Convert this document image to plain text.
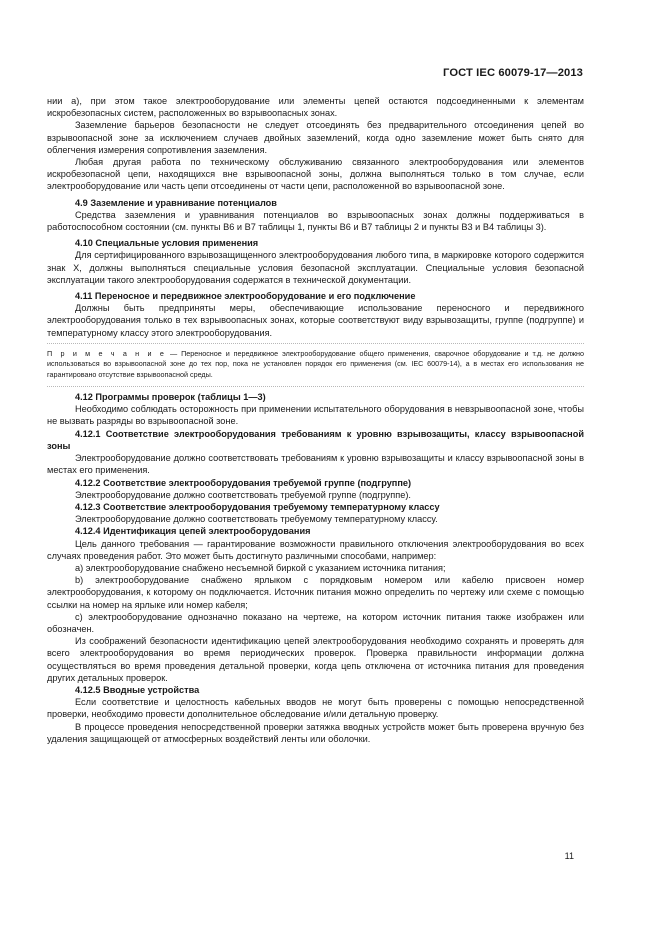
ГОСТ IEC 60079-17—2013

нии а), при этом такое электрооборудование или элементы цепей остаются подсоединенными к элементам искробезопасных систем, расположенных во взрывоопасных зонах.

Заземление барьеров безопасности не следует отсоединять без предварительного отсоединения цепей во взрывоопасной зоне за исключением случаев двойных заземлений, когда одно заземление может быть снято для облегчения измерения сопротивления заземления.

Любая другая работа по техническому обслуживанию связанного электрооборудования или элементов искробезопасной цепи, находящихся вне взрывоопасной зоны, должна выполняться только в том случае, если электрооборудование или часть цепи отсоединены от части цепи, расположенной во взрывоопасной зоне.

4.9 Заземление и уравнивание потенциалов

Средства заземления и уравнивания потенциалов во взрывоопасных зонах должны поддерживаться в работоспособном состоянии (см. пункты В6 и В7 таблицы 1, пункты В6 и В7 таблицы 2 и пункты В3 и В4 таблицы 3).

4.10 Специальные условия применения

Для сертифицированного взрывозащищенного электрооборудования любого типа, в маркировке которого содержится знак X, должны выполняться специальные условия безопасной эксплуатации. Специальные условия безопасной эксплуатации такого электрооборудования содержатся в технической документации.

4.11 Переносное и передвижное электрооборудование и его подключение

Должны быть предприняты меры, обеспечивающие использование переносного и передвижного электрооборудования только в тех взрывоопасных зонах, которые соответствуют виду взрывозащиты, группе (подгруппе) и температурному классу этого электрооборудования.

П р и м е ч а н и е — Переносное и передвижное электрооборудование общего применения, сварочное оборудование и т.д. не должно использоваться во взрывоопасной зоне до тех пор, пока не установлен порядок его применения (см. IEC 60079-14), а в местах его использования не гарантировано отсутствие взрывоопасной среды.

4.12 Программы проверок (таблицы 1—3)

Необходимо соблюдать осторожность при применении испытательного оборудования в невзрывоопасной зоне, чтобы не вызвать разряды во взрывоопасной зоне.

4.12.1 Соответствие электрооборудования требованиям к уровню взрывозащиты, классу взрывоопасной зоны

Электрооборудование должно соответствовать требованиям к уровню взрывозащиты и классу взрывоопасной зоны в местах его применения.

4.12.2 Соответствие электрооборудования требуемой группе (подгруппе)

Электрооборудование должно соответствовать требуемой группе (подгруппе).

4.12.3 Соответствие электрооборудования требуемому температурному классу

Электрооборудование должно соответствовать требуемому температурному классу.

4.12.4 Идентификация цепей электрооборудования

Цель данного требования — гарантирование возможности правильного отключения электрооборудования во всех случаях проведения работ. Это может быть достигнуто различными способами, например:

а) электрооборудование снабжено несъемной биркой с указанием источника питания;

b) электрооборудование снабжено ярлыком с порядковым номером или кабелю присвоен номер электрооборудования, к которому он подключается. Источник питания можно определить по чертежу или схеме с помощью ссылки на номер на ярлыке или номер кабеля;

с) электрооборудование однозначно показано на чертеже, на котором источник питания также изображен или обозначен.

Из соображений безопасности идентификацию цепей электрооборудования необходимо сохранять и проверять для всего электрооборудования во время периодических проверок. Проверка правильности информации должна осуществляться во время проведения детальной проверки, когда цепь отключена от источника питания для проведения других детальных проверок.

4.12.5 Вводные устройства

Если соответствие и целостность кабельных вводов не могут быть проверены с помощью непосредственной проверки, необходимо провести дополнительное обследование и/или детальную проверку.

В процессе проведения непосредственной проверки затяжка вводных устройств может быть проверена вручную без удаления защищающей от атмосферных воздействий ленты или оболочки.

11
